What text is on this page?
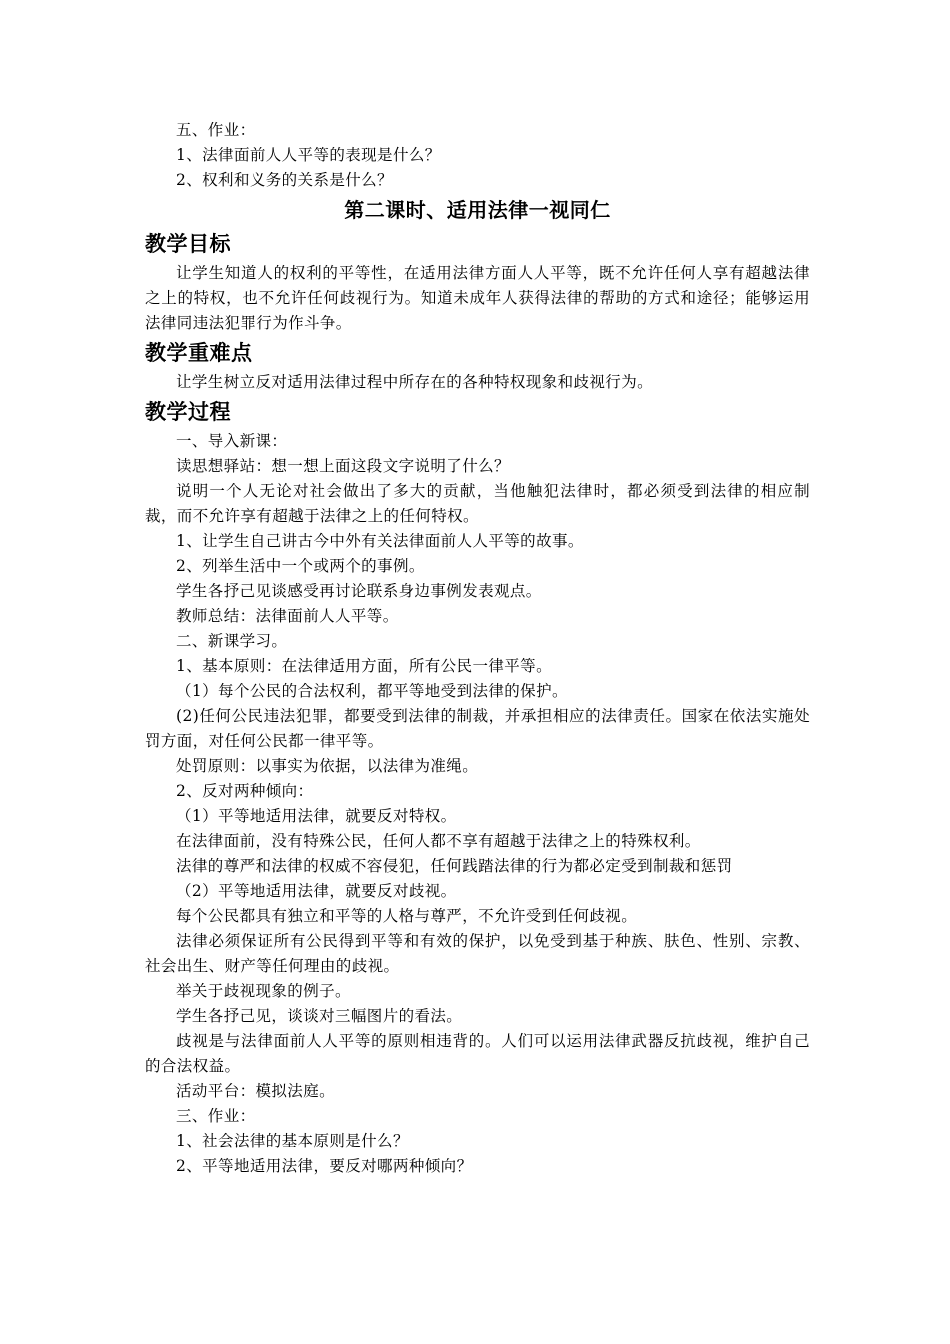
五、作业：

1、法律面前人人平等的表现是什么？

2、权利和义务的关系是什么？

第二课时、适用法律一视同仁

教学目标

让学生知道人的权利的平等性，在适用法律方面人人平等，既不允许任何人享有超越法律之上的特权，也不允许任何歧视行为。知道未成年人获得法律的帮助的方式和途径；能够运用法律同违法犯罪行为作斗争。

教学重难点

让学生树立反对适用法律过程中所存在的各种特权现象和歧视行为。

教学过程

一、导入新课：

读思想驿站：想一想上面这段文字说明了什么？

说明一个人无论对社会做出了多大的贡献，当他触犯法律时，都必须受到法律的相应制裁，而不允许享有超越于法律之上的任何特权。

1、让学生自己讲古今中外有关法律面前人人平等的故事。

2、列举生活中一个或两个的事例。

学生各抒己见谈感受再讨论联系身边事例发表观点。

教师总结：法律面前人人平等。

二、新课学习。

1、基本原则：在法律适用方面，所有公民一律平等。

（1）每个公民的合法权利，都平等地受到法律的保护。

(2)任何公民违法犯罪，都要受到法律的制裁，并承担相应的法律责任。国家在依法实施处罚方面，对任何公民都一律平等。

处罚原则：以事实为依据，以法律为准绳。

2、反对两种倾向：

（1）平等地适用法律，就要反对特权。

在法律面前，没有特殊公民，任何人都不享有超越于法律之上的特殊权利。

法律的尊严和法律的权威不容侵犯，任何践踏法律的行为都必定受到制裁和惩罚

（2）平等地适用法律，就要反对歧视。

每个公民都具有独立和平等的人格与尊严，不允许受到任何歧视。

法律必须保证所有公民得到平等和有效的保护，以免受到基于种族、肤色、性别、宗教、社会出生、财产等任何理由的歧视。

举关于歧视现象的例子。

学生各抒己见，谈谈对三幅图片的看法。

歧视是与法律面前人人平等的原则相违背的。人们可以运用法律武器反抗歧视，维护自己的合法权益。

活动平台：模拟法庭。

三、作业：

1、社会法律的基本原则是什么？

2、平等地适用法律，要反对哪两种倾向？
